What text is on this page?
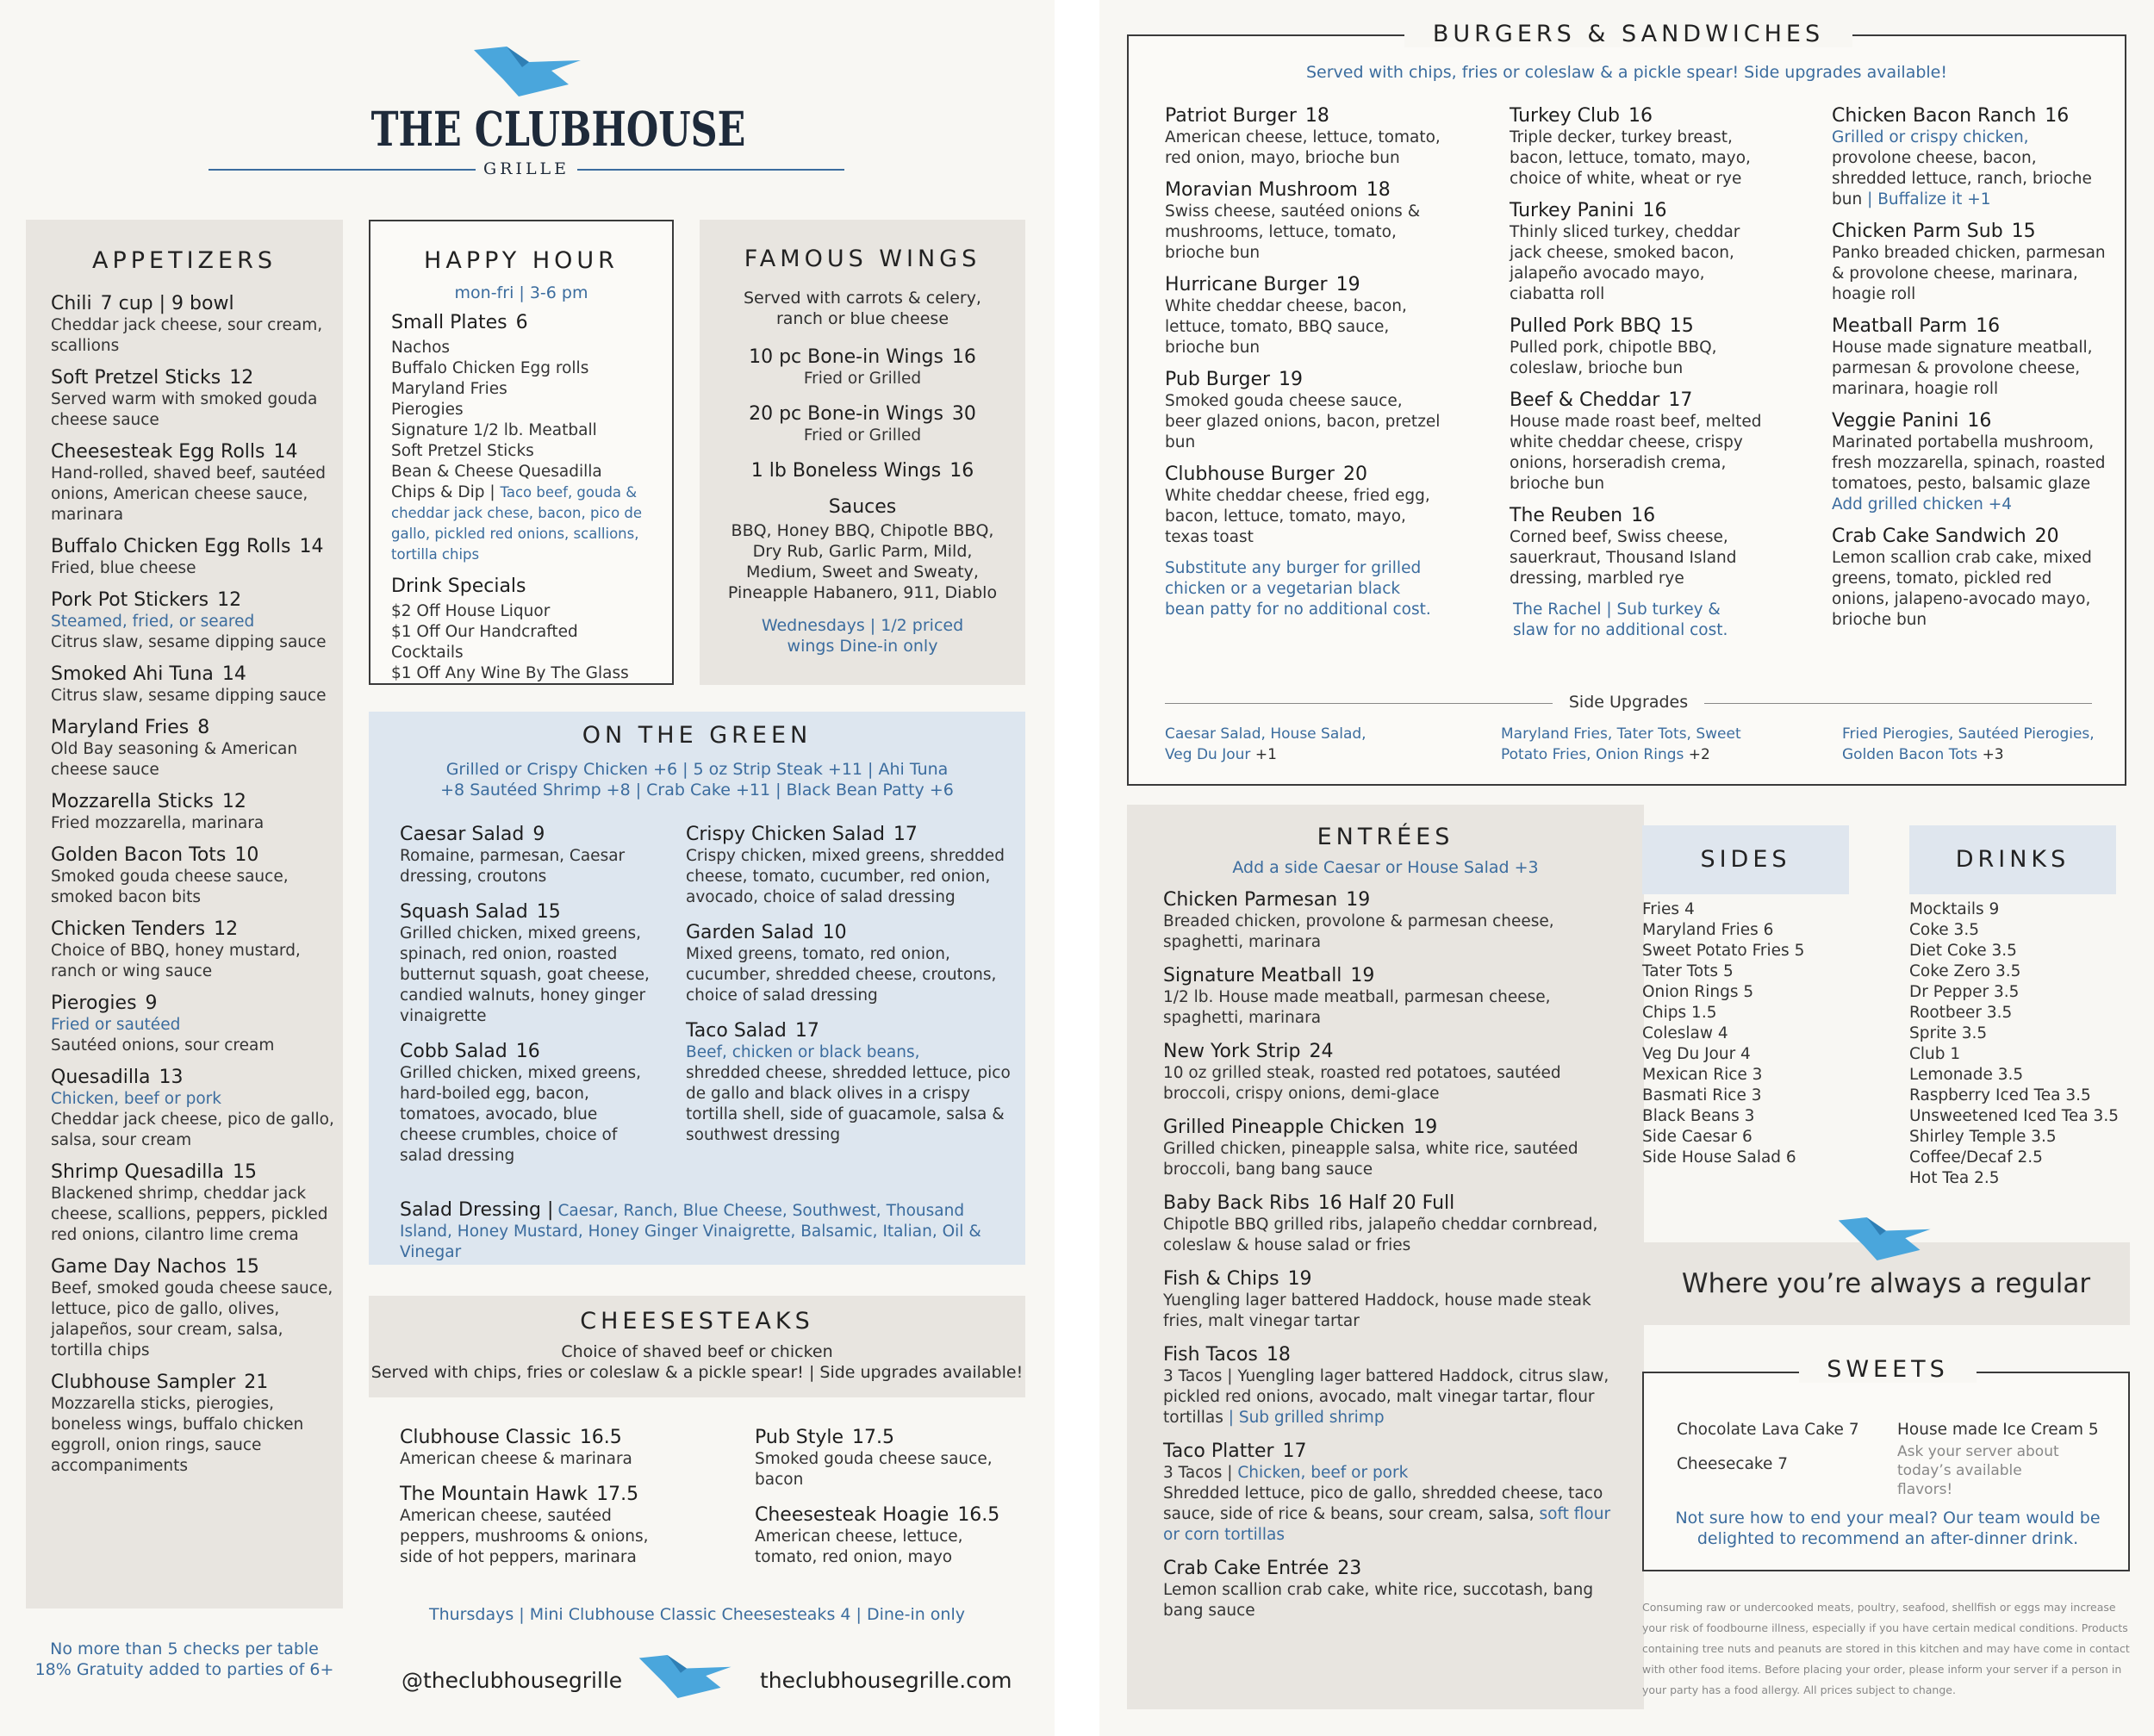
THE CLUBHOUSE
GRILLE
APPETIZERS
Chili 7 cup | 9 bowl
Cheddar jack cheese, sour cream, scallions
Soft Pretzel Sticks 12
Served warm with smoked gouda cheese sauce
Cheesesteak Egg Rolls 14
Hand-rolled, shaved beef, sautéed onions, American cheese sauce, marinara
Buffalo Chicken Egg Rolls 14
Fried, blue cheese
Pork Pot Stickers 12
Steamed, fried, or seared
Citrus slaw, sesame dipping sauce
Smoked Ahi Tuna 14
Citrus slaw, sesame dipping sauce
Maryland Fries 8
Old Bay seasoning & American cheese sauce
Mozzarella Sticks 12
Fried mozzarella, marinara
Golden Bacon Tots 10
Smoked gouda cheese sauce, smoked bacon bits
Chicken Tenders 12
Choice of BBQ, honey mustard, ranch or wing sauce
Pierogies 9
Fried or sautéed
Sautéed onions, sour cream
Quesadilla 13
Chicken, beef or pork
Cheddar jack cheese, pico de gallo, salsa, sour cream
Shrimp Quesadilla 15
Blackened shrimp, cheddar jack cheese, scallions, peppers, pickled red onions, cilantro lime crema
Game Day Nachos 15
Beef, smoked gouda cheese sauce, lettuce, pico de gallo, olives, jalapeños, sour cream, salsa, tortilla chips
Clubhouse Sampler 21
Mozzarella sticks, pierogies, boneless wings, buffalo chicken eggroll, onion rings, sauce accompaniments
No more than 5 checks per table
18% Gratuity added to parties of 6+
HAPPY HOUR
mon-fri | 3-6 pm
Small Plates 6
Nachos
Buffalo Chicken Egg rolls
Maryland Fries
Pierogies
Signature 1/2 lb. Meatball
Soft Pretzel Sticks
Bean & Cheese Quesadilla
Chips & Dip | Taco beef, gouda & cheddar jack chese, bacon, pico de gallo, pickled red onions, scallions, tortilla chips
Drink Specials
$2 Off House Liquor
$1 Off Our Handcrafted Cocktails
$1 Off Any Wine By The Glass
FAMOUS WINGS
Served with carrots & celery, ranch or blue cheese
10 pc Bone-in Wings 16
Fried or Grilled
20 pc Bone-in Wings 30
Fried or Grilled
1 lb Boneless Wings 16
Sauces
BBQ, Honey BBQ, Chipotle BBQ, Dry Rub, Garlic Parm, Mild, Medium, Sweet and Sweaty, Pineapple Habanero, 911, Diablo
Wednesdays | 1/2 priced wings Dine-in only
ON THE GREEN
Grilled or Crispy Chicken +6 | 5 oz Strip Steak +11 | Ahi Tuna +8 Sautéed Shrimp +8 | Crab Cake +11 | Black Bean Patty +6
Caesar Salad 9
Romaine, parmesan, Caesar dressing, croutons
Squash Salad 15
Grilled chicken, mixed greens, spinach, red onion, roasted butternut squash, goat cheese, candied walnuts, honey ginger vinaigrette
Cobb Salad 16
Grilled chicken, mixed greens, hard-boiled egg, bacon, tomatoes, avocado, blue cheese crumbles, choice of salad dressing
Crispy Chicken Salad 17
Crispy chicken, mixed greens, shredded cheese, tomato, cucumber, red onion, avocado, choice of salad dressing
Garden Salad 10
Mixed greens, tomato, red onion, cucumber, shredded cheese, croutons, choice of salad dressing
Taco Salad 17
Beef, chicken or black beans,
shredded cheese, shredded lettuce, pico de gallo and black olives in a crispy tortilla shell, side of guacamole, salsa & southwest dressing
Salad Dressing | Caesar, Ranch, Blue Cheese, Southwest, Thousand Island, Honey Mustard, Honey Ginger Vinaigrette, Balsamic, Italian, Oil & Vinegar
CHEESESTEAKS
Choice of shaved beef or chicken
Served with chips, fries or coleslaw & a pickle spear! | Side upgrades available!
Clubhouse Classic 16.5
American cheese & marinara
The Mountain Hawk 17.5
American cheese, sautéed peppers, mushrooms & onions, side of hot peppers, marinara
Pub Style 17.5
Smoked gouda cheese sauce, bacon
Cheesesteak Hoagie 16.5
American cheese, lettuce, tomato, red onion, mayo
Thursdays | Mini Clubhouse Classic Cheesesteaks 4 | Dine-in only
@theclubhousegrille	theclubhousegrille.com
BURGERS & SANDWICHES
Served with chips, fries or coleslaw & a pickle spear! Side upgrades available!
Patriot Burger 18
American cheese, lettuce, tomato, red onion, mayo, brioche bun
Moravian Mushroom 18
Swiss cheese, sautéed onions & mushrooms, lettuce, tomato, brioche bun
Hurricane Burger 19
White cheddar cheese, bacon, lettuce, tomato, BBQ sauce, brioche bun
Pub Burger 19
Smoked gouda cheese sauce, beer glazed onions, bacon, pretzel bun
Clubhouse Burger 20
White cheddar cheese, fried egg, bacon, lettuce, tomato, mayo, texas toast
Substitute any burger for grilled chicken or a vegetarian black bean patty for no additional cost.
Turkey Club 16
Triple decker, turkey breast, bacon, lettuce, tomato, mayo, choice of white, wheat or rye
Turkey Panini 16
Thinly sliced turkey, cheddar jack cheese, smoked bacon, jalapeño avocado mayo, ciabatta roll
Pulled Pork BBQ 15
Pulled pork, chipotle BBQ, coleslaw, brioche bun
Beef & Cheddar 17
House made roast beef, melted white cheddar cheese, crispy onions, horseradish crema, brioche bun
The Reuben 16
Corned beef, Swiss cheese, sauerkraut, Thousand Island dressing, marbled rye
The Rachel | Sub turkey & slaw for no additional cost.
Chicken Bacon Ranch 16
Grilled or crispy chicken,
provolone cheese, bacon, shredded lettuce, ranch, brioche bun | Buffalize it +1
Chicken Parm Sub 15
Panko breaded chicken, parmesan & provolone cheese, marinara, hoagie roll
Meatball Parm 16
House made signature meatball, parmesan & provolone cheese, marinara, hoagie roll
Veggie Panini 16
Marinated portabella mushroom, fresh mozzarella, spinach, roasted tomatoes, pesto, balsamic glaze Add grilled chicken +4
Crab Cake Sandwich 20
Lemon scallion crab cake, mixed greens, tomato, pickled red onions, jalapeno-avocado mayo, brioche bun
Side Upgrades
Caesar Salad, House Salad, Veg Du Jour +1
Maryland Fries, Tater Tots, Sweet Potato Fries, Onion Rings +2
Fried Pierogies, Sautéed Pierogies, Golden Bacon Tots +3
ENTRÉES
Add a side Caesar or House Salad +3
Chicken Parmesan 19
Breaded chicken, provolone & parmesan cheese, spaghetti, marinara
Signature Meatball 19
1/2 lb. House made meatball, parmesan cheese, spaghetti, marinara
New York Strip 24
10 oz grilled steak, roasted red potatoes, sautéed broccoli, crispy onions, demi-glace
Grilled Pineapple Chicken 19
Grilled chicken, pineapple salsa, white rice, sautéed broccoli, bang bang sauce
Baby Back Ribs 16 Half 20 Full
Chipotle BBQ grilled ribs, jalapeño cheddar cornbread, coleslaw & house salad or fries
Fish & Chips 19
Yuengling lager battered Haddock, house made steak fries, malt vinegar tartar
Fish Tacos 18
3 Tacos | Yuengling lager battered Haddock, citrus slaw, pickled red onions, avocado, malt vinegar tartar, flour tortillas | Sub grilled shrimp
Taco Platter 17
3 Tacos | Chicken, beef or pork
Shredded lettuce, pico de gallo, shredded cheese, taco sauce, side of rice & beans, sour cream, salsa, soft flour or corn tortillas
Crab Cake Entrée 23
Lemon scallion crab cake, white rice, succotash, bang bang sauce
SIDES
Fries 4
Maryland Fries 6
Sweet Potato Fries 5
Tater Tots 5
Onion Rings 5
Chips 1.5
Coleslaw 4
Veg Du Jour 4
Mexican Rice 3
Basmati Rice 3
Black Beans 3
Side Caesar 6
Side House Salad 6
DRINKS
Mocktails 9
Coke 3.5
Diet Coke 3.5
Coke Zero 3.5
Dr Pepper 3.5
Rootbeer 3.5
Sprite 3.5
Club 1
Lemonade 3.5
Raspberry Iced Tea 3.5
Unsweetened Iced Tea 3.5
Shirley Temple 3.5
Coffee/Decaf 2.5
Hot Tea 2.5
Where you’re always a regular
SWEETS
Chocolate Lava Cake 7
Cheesecake 7
House made Ice Cream 5
Ask your server about today’s available flavors!
Not sure how to end your meal? Our team would be delighted to recommend an after-dinner drink.
Consuming raw or undercooked meats, poultry, seafood, shellfish or eggs may increase your risk of foodbourne illness, especially if you have certain medical conditions. Products containing tree nuts and peanuts are stored in this kitchen and may have come in contact with other food items. Before placing your order, please inform your server if a person in your party has a food allergy. All prices subject to change.
